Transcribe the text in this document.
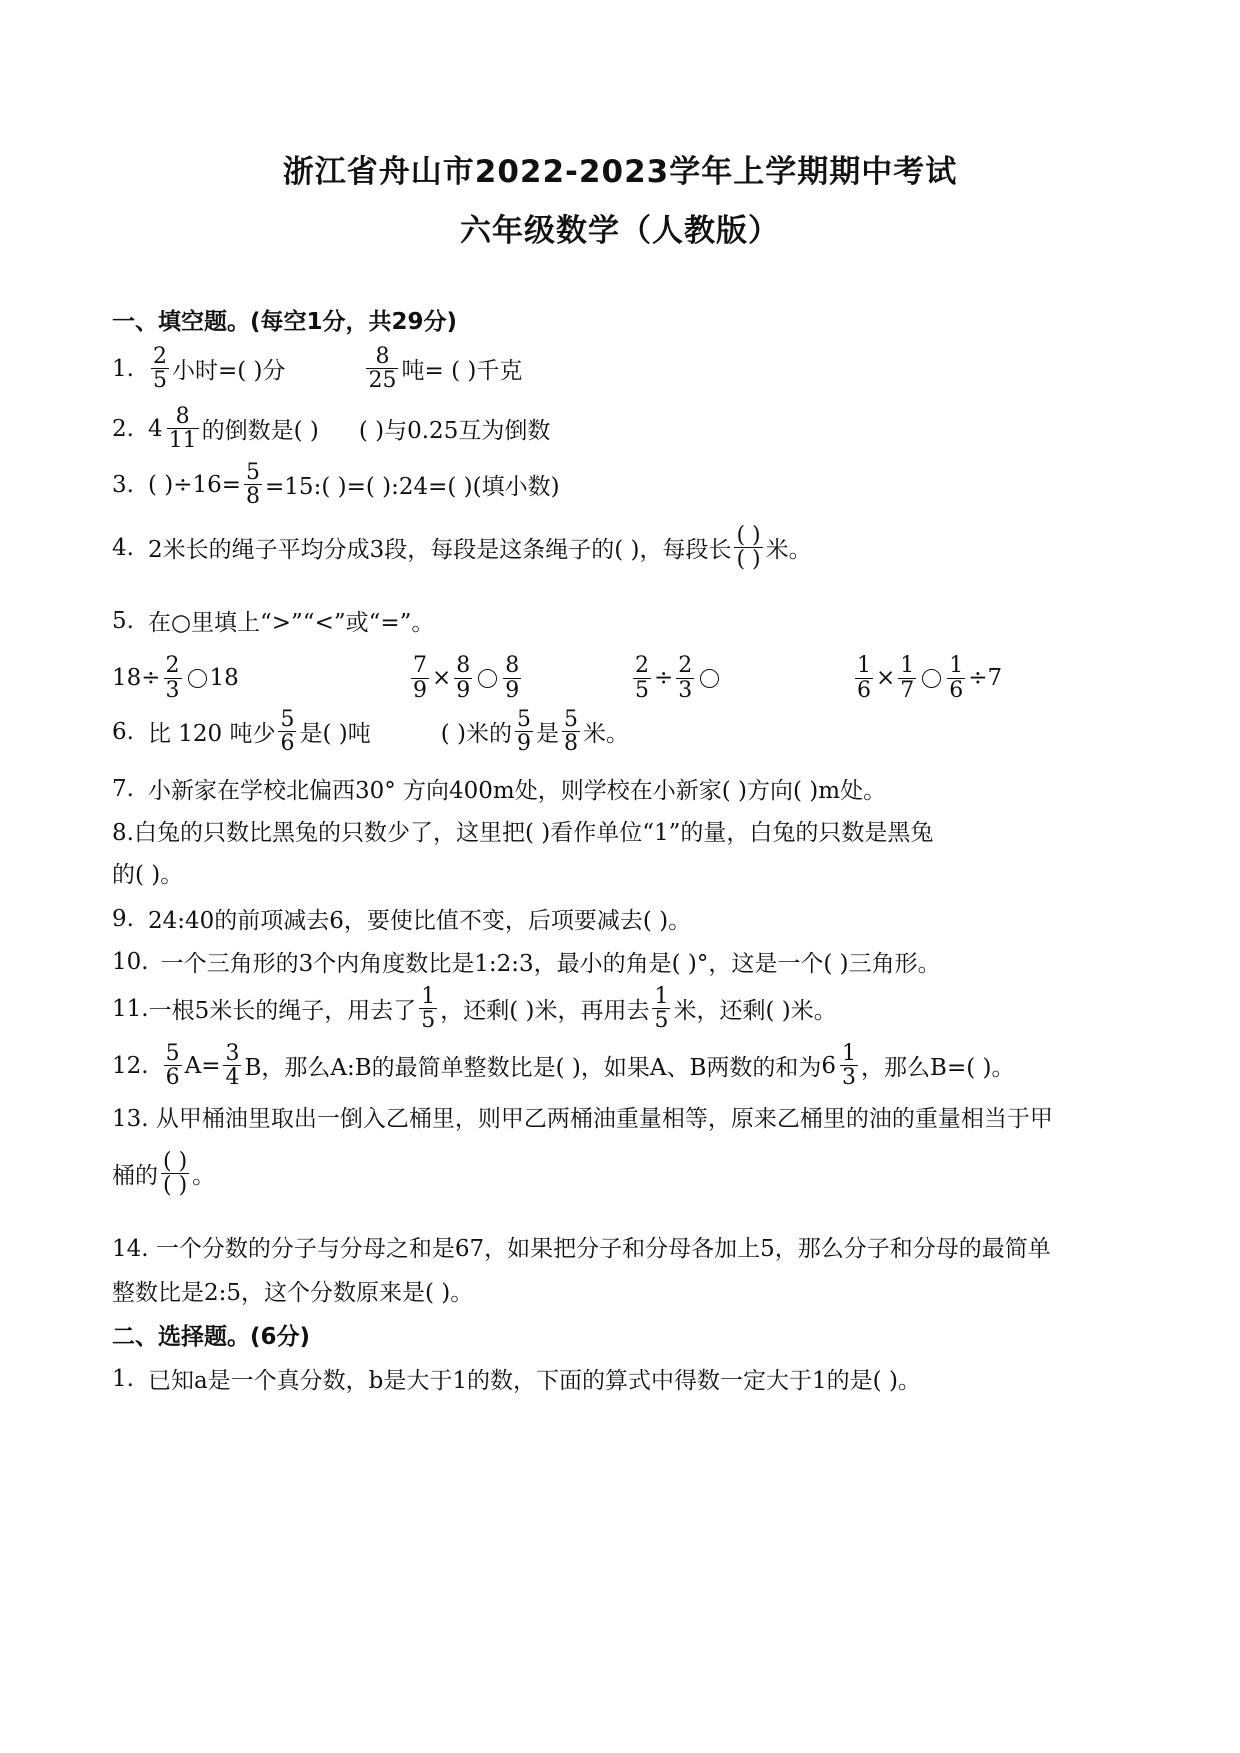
浙江省舟山市2022-2023学年上学期期中考试
六年级数学（人教版）
一、填空题。(每空1分，共29分)
1. $\frac{2}{5}$ 小时=( )分	$\frac{8}{25}$ 吨= ( )千克
2. $4 \frac{8}{11}$ 的倒数是( ) ( )与0.25互为倒数
3. ( )$\div 16= \frac{5}{8}$ =15:( )=( ):24=( )(填小数)
4. 2米长的绳子平均分成3段，每段是这条绳子的( )，每段长 $\frac{( )}{( )}$ 米。
5. 在○里填上“>”“<”或“=”。
$18\div \frac{2}{3} 18$	$\frac{7}{9} \times \frac{8}{9} \frac{8}{9}$	$\frac{2}{5} \div \frac{2}{3}$	$\frac{1}{6} \times \frac{1}{7} \frac{1}{6} \div 7$
6. 比 120 吨少 $\frac{5}{6}$ 是( )吨	( )米的 $\frac{5}{9}$ 是 $\frac{5}{8}$ 米。
7. 小新家在学校北偏西30° 方向400m处，则学校在小新家( )方向( )m处。
8.白兔的只数比黑兔的只数少了，这里把( )看作单位“1”的量，白兔的只数是黑兔
的( )。
9. 24:40的前项减去6，要使比值不变，后项要减去( )。
10. 一个三角形的3个内角度数比是1:2:3，最小的角是( )°，这是一个( )三角形。
11. 一根5米长的绳子，用去了 $\frac{1}{5}$ ，还剩( )米，再用去 $\frac{1}{5}$ 米，还剩( )米。
12. $\frac{5}{6} A= \frac{3}{4}$ B，那么A:B的最简单整数比是( )，如果A、B两数的和为 $6 \frac{1}{3}$ ，那么B=( )。
13. 从甲桶油里取出一倒入乙桶里，则甲乙两桶油重量相等，原来乙桶里的油的重量相当于甲
桶的 $\frac{( )}{( )}$ 。
14. 一个分数的分子与分母之和是67，如果把分子和分母各加上5，那么分子和分母的最简单
整数比是2:5，这个分数原来是( )。
二、选择题。(6分)
1. 已知a是一个真分数，b是大于1的数，下面的算式中得数一定大于1的是( )。
